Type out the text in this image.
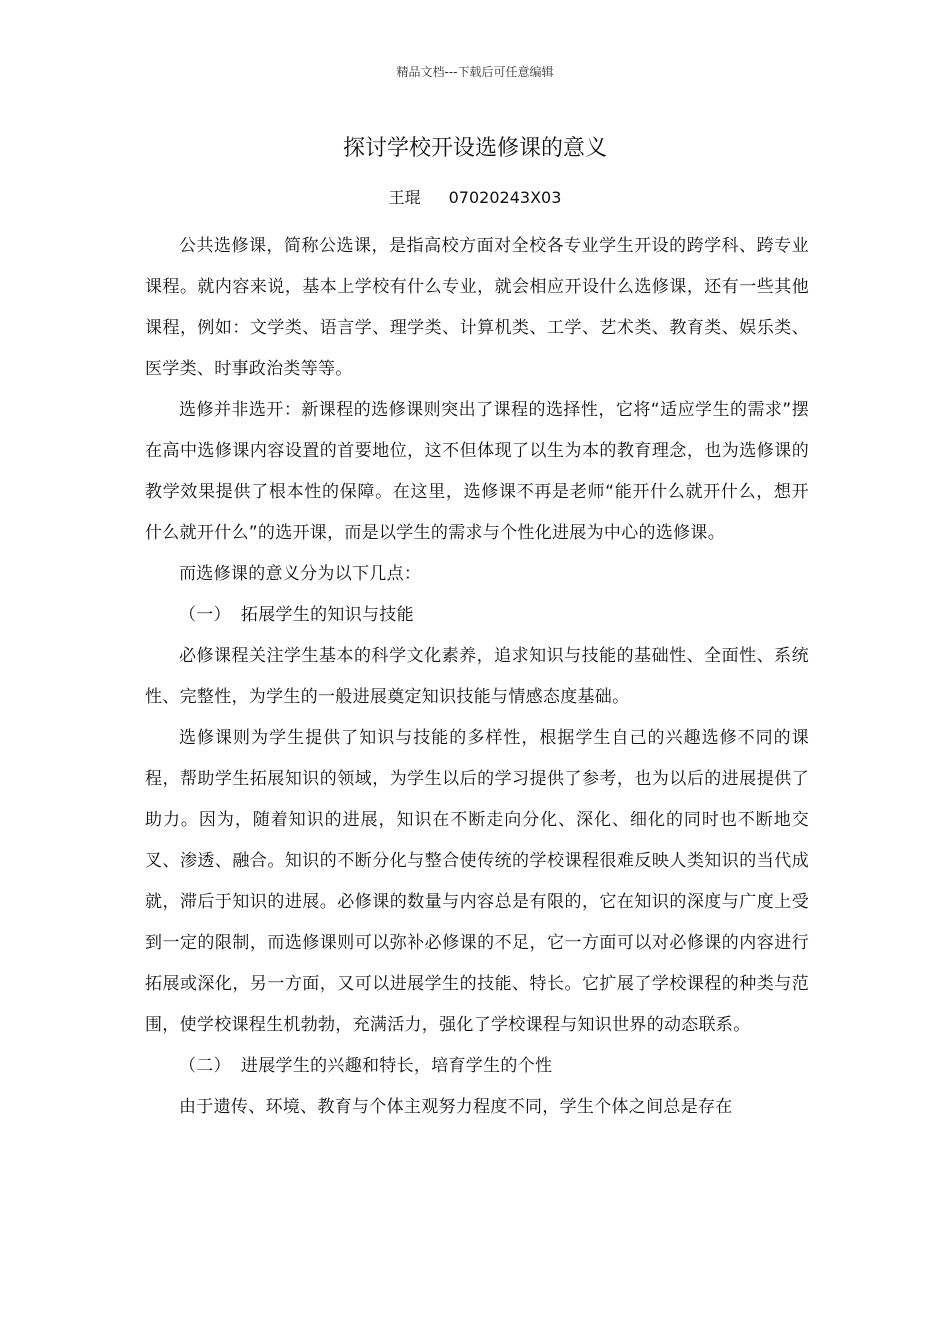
精品文档---下载后可任意编辑
探讨学校开设选修课的意义
王琨 07020243X03

公共选修课，简称公选课，是指高校方面对全校各专业学生开设的跨学科、跨专业课程。就内容来说，基本上学校有什么专业，就会相应开设什么选修课，还有一些其他课程，例如：文学类、语言学、理学类、计算机类、工学、艺术类、教育类、娱乐类、医学类、时事政治类等等。

选修并非选开：新课程的选修课则突出了课程的选择性，它将“适应学生的需求”摆在高中选修课内容设置的首要地位，这不但体现了以生为本的教育理念，也为选修课的教学效果提供了根本性的保障。在这里，选修课不再是老师“能开什么就开什么，想开什么就开什么”的选开课，而是以学生的需求与个性化进展为中心的选修课。

而选修课的意义分为以下几点：

（一） 拓展学生的知识与技能

必修课程关注学生基本的科学文化素养，追求知识与技能的基础性、全面性、系统性、完整性，为学生的一般进展奠定知识技能与情感态度基础。

选修课则为学生提供了知识与技能的多样性，根据学生自己的兴趣选修不同的课程，帮助学生拓展知识的领域，为学生以后的学习提供了参考，也为以后的进展提供了助力。因为，随着知识的进展，知识在不断走向分化、深化、细化的同时也不断地交叉、渗透、融合。知识的不断分化与整合使传统的学校课程很难反映人类知识的当代成就，滞后于知识的进展。必修课的数量与内容总是有限的，它在知识的深度与广度上受到一定的限制，而选修课则可以弥补必修课的不足，它一方面可以对必修课的内容进行拓展或深化，另一方面，又可以进展学生的技能、特长。它扩展了学校课程的种类与范围，使学校课程生机勃勃，充满活力，强化了学校课程与知识世界的动态联系。

（二） 进展学生的兴趣和特长，培育学生的个性

由于遗传、环境、教育与个体主观努力程度不同，学生个体之间总是存在
